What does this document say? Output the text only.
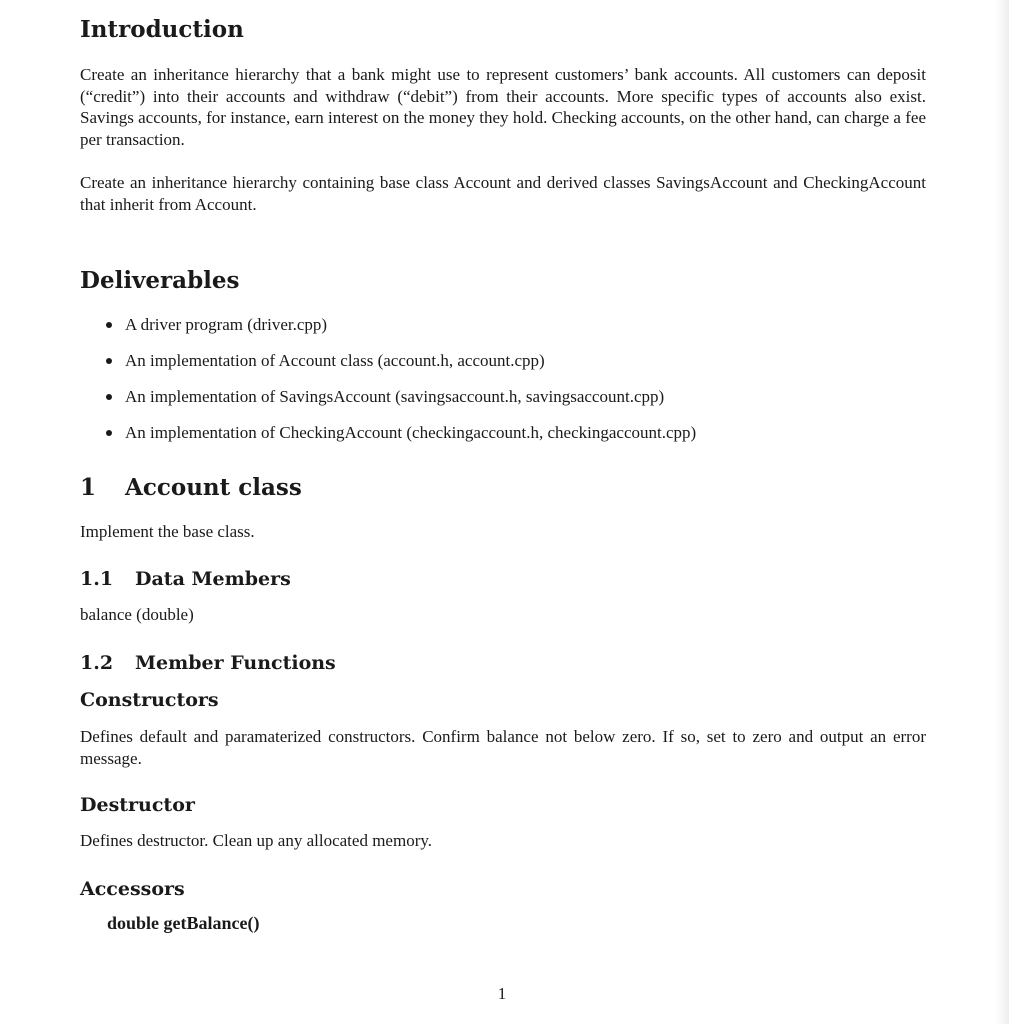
Introduction

Create an inheritance hierarchy that a bank might use to represent customers’ bank accounts. All customers can deposit (“credit”) into their accounts and withdraw (“debit”) from their accounts. More specific types of accounts also exist. Savings accounts, for instance, earn interest on the money they hold. Checking accounts, on the other hand, can charge a fee per transaction.

Create an inheritance hierarchy containing base class Account and derived classes SavingsAccount and CheckingAccount that inherit from Account.

Deliverables
A driver program (driver.cpp)
An implementation of Account class (account.h, account.cpp)
An implementation of SavingsAccount (savingsaccount.h, savingsaccount.cpp)
An implementation of CheckingAccount (checkingaccount.h, checkingaccount.cpp)
1 Account class

Implement the base class.

1.1 Data Members

balance (double)

1.2 Member Functions
Constructors

Defines default and paramaterized constructors. Confirm balance not below zero. If so, set to zero and output an error message.

Destructor

Defines destructor. Clean up any allocated memory.

Accessors
double getBalance()
1
